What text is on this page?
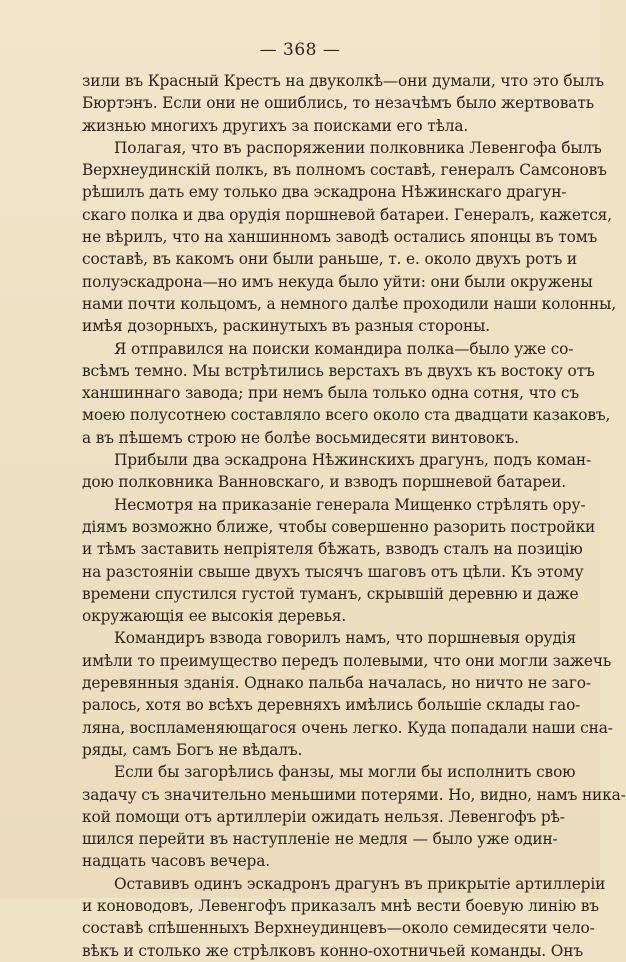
— 368 —
зили въ Красный Крестъ на двуколкѣ—они думали, что это былъ
Бюртэнъ. Если они не ошиблись, то незачѣмъ было жертвовать
жизнью многихъ другихъ за поисками его тѣла.
Полагая, что въ распоряжении полковника Левенгофа былъ
Верхнеудинскій полкъ, въ полномъ составѣ, генералъ Самсоновъ
рѣшилъ дать ему только два эскадрона Нѣжинскаго драгун-
скаго полка и два орудія поршневой батареи. Генералъ, кажется,
не вѣрилъ, что на ханшинномъ заводѣ остались японцы въ томъ
составѣ, въ какомъ они были раньше, т. е. около двухъ ротъ и
полуэскадрона—но имъ некуда было уйти: они были окружены
нами почти кольцомъ, а немного далѣе проходили наши колонны,
имѣя дозорныхъ, раскинутыхъ въ разныя стороны.
Я отправился на поиски командира полка—было уже со-
всѣмъ темно. Мы встрѣтились верстахъ въ двухъ къ востоку отъ
ханшиннаго завода; при немъ была только одна сотня, что съ
моею полусотнею составляло всего около ста двадцати казаковъ,
а въ пѣшемъ строю не болѣе восьмидесяти винтовокъ.
Прибыли два эскадрона Нѣжинскихъ драгунъ, подъ коман-
дою полковника Ванновскаго, и взводъ поршневой батареи.
Несмотря на приказаніе генерала Мищенко стрѣлять ору-
діямъ возможно ближе, чтобы совершенно разорить постройки
и тѣмъ заставить непріятеля бѣжать, взводъ сталъ на позицію
на разстояніи свыше двухъ тысячъ шаговъ отъ цѣли. Къ этому
времени спустился густой туманъ, скрывшій деревню и даже
окружающія ее высокія деревья.
Командиръ взвода говорилъ намъ, что поршневыя орудія
имѣли то преимущество передъ полевыми, что они могли зажечь
деревянныя зданія. Однако пальба началась, но ничто не заго-
ралось, хотя во всѣхъ деревняхъ имѣлись большіе склады гао-
ляна, воспламеняющагося очень легко. Куда попадали наши сна-
ряды, самъ Богъ не вѣдалъ.
Если бы загорѣлись фанзы, мы могли бы исполнить свою
задачу съ значительно меньшими потерями. Но, видно, намъ ника-
кой помощи отъ артиллеріи ожидать нельзя. Левенгофъ рѣ-
шился перейти въ наступленіе не медля — было уже один-
надцать часовъ вечера.
Оставивъ одинъ эскадронъ драгунъ въ прикрытіе артиллеріи
и коноводовъ, Левенгофъ приказалъ мнѣ вести боевую линію въ
составѣ спѣшенныхъ Верхнеудинцевъ—около семидесяти чело-
вѣкъ и столько же стрѣлковъ конно-охотничьей команды. Онъ
